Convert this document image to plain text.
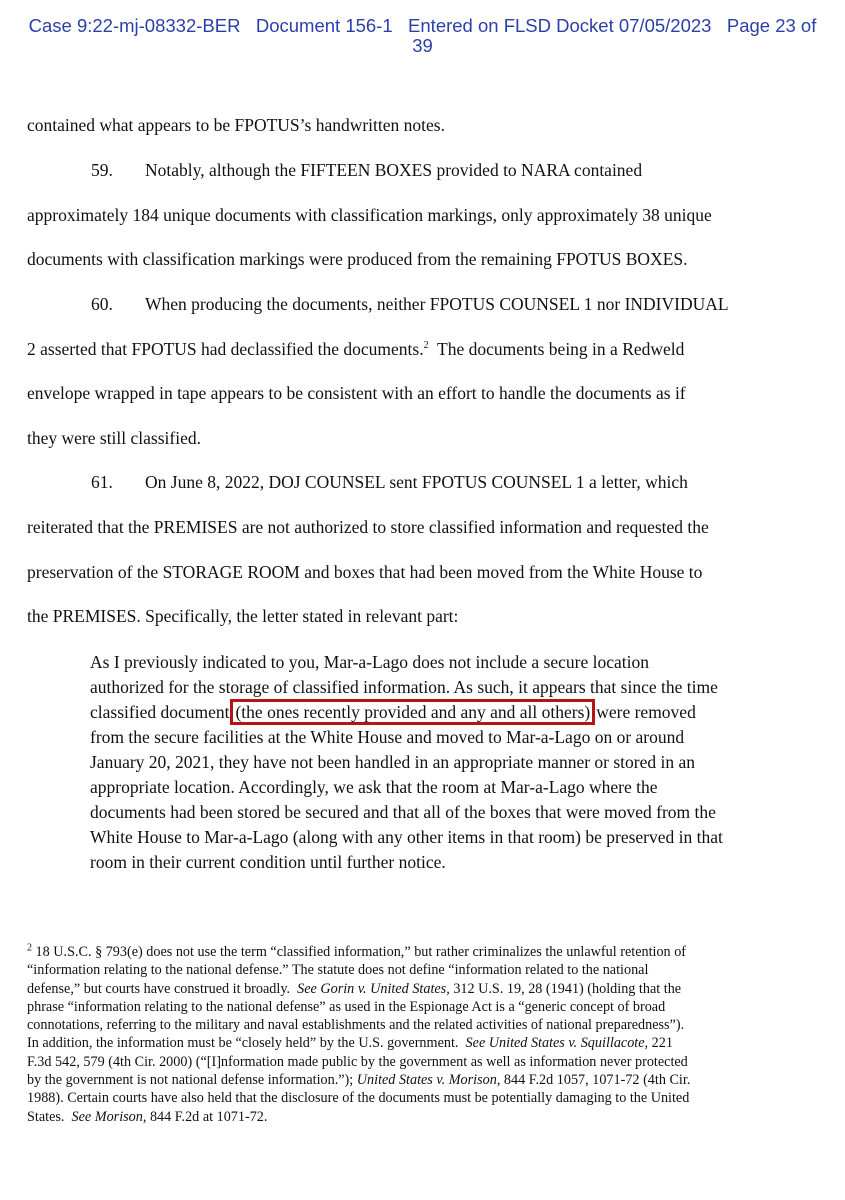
Case 9:22-mj-08332-BER   Document 156-1   Entered on FLSD Docket 07/05/2023   Page 23 of
39
contained what appears to be FPOTUS’s handwritten notes.
59. Notably, although the FIFTEEN BOXES provided to NARA contained
approximately 184 unique documents with classification markings, only approximately 38 unique
documents with classification markings were produced from the remaining FPOTUS BOXES.
60. When producing the documents, neither FPOTUS COUNSEL 1 nor INDIVIDUAL
2 asserted that FPOTUS had declassified the documents.$^2$  The documents being in a Redweld
envelope wrapped in tape appears to be consistent with an effort to handle the documents as if
they were still classified.
61. On June 8, 2022, DOJ COUNSEL sent FPOTUS COUNSEL 1 a letter, which
reiterated that the PREMISES are not authorized to store classified information and requested the
preservation of the STORAGE ROOM and boxes that had been moved from the White House to
the PREMISES. Specifically, the letter stated in relevant part:
As I previously indicated to you, Mar-a-Lago does not include a secure location
authorized for the storage of classified information. As such, it appears that since the time
classified document (the ones recently provided and any and all others) were removed
from the secure facilities at the White House and moved to Mar-a-Lago on or around
January 20, 2021, they have not been handled in an appropriate manner or stored in an
appropriate location. Accordingly, we ask that the room at Mar-a-Lago where the
documents had been stored be secured and that all of the boxes that were moved from the
White House to Mar-a-Lago (along with any other items in that room) be preserved in that
room in their current condition until further notice.
$^2$ 18 U.S.C. § 793(e) does not use the term “classified information,” but rather criminalizes the unlawful retention of
“information relating to the national defense.” The statute does not define “information related to the national
defense,” but courts have construed it broadly.  See Gorin v. United States, 312 U.S. 19, 28 (1941) (holding that the
phrase “information relating to the national defense” as used in the Espionage Act is a “generic concept of broad
connotations, referring to the military and naval establishments and the related activities of national preparedness”).
In addition, the information must be “closely held” by the U.S. government.  See United States v. Squillacote, 221
F.3d 542, 579 (4th Cir. 2000) (“[I]nformation made public by the government as well as information never protected
by the government is not national defense information.”); United States v. Morison, 844 F.2d 1057, 1071-72 (4th Cir.
1988). Certain courts have also held that the disclosure of the documents must be potentially damaging to the United
States.  See Morison, 844 F.2d at 1071-72.
